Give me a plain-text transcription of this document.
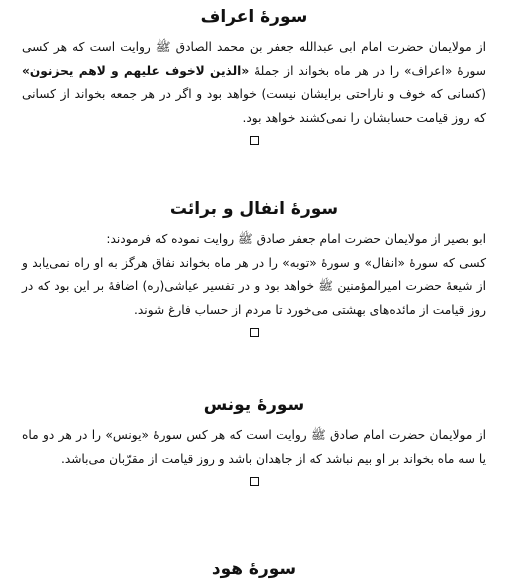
سورهٔ اعراف

از مولایمان حضرت امام ابی عبدالله جعفر بن محمد الصادق ﷺ روایت است که هر کسی سورهٔ «اعراف» را در هر ماه بخواند از جملهٔ «الذین لاخوف علیهم و لاهم یحزنون» (کسانی که خوف و ناراحتی برایشان نیست) خواهد بود و اگر در هر جمعه بخواند از کسانی که روز قیامت حسابشان را نمی‌کشند خواهد بود.

سورهٔ انفال و برائت

ابو بصیر از مولایمان حضرت امام جعفر صادق ﷺ روایت نموده که فرمودند:

کسی که سورهٔ «انفال» و سورهٔ «توبه» را در هر ماه بخواند نفاق هرگز به او راه نمی‌یابد و از شیعهٔ حضرت امیرالمؤمنین ﷺ خواهد بود و در تفسیر عیاشی(ره) اضافهٔ بر این بود که در روز قیامت از مائده‌های بهشتی می‌خورد تا مردم از حساب فارغ شوند.

سورهٔ یونس

از مولایمان حضرت امام صادق ﷺ روایت است که هر کس سورهٔ «یونس» را در هر دو ماه یا سه ماه بخواند بر او بیم نباشد که از جاهدان باشد و روز قیامت از مقرّبان می‌باشد.

سورهٔ هود
